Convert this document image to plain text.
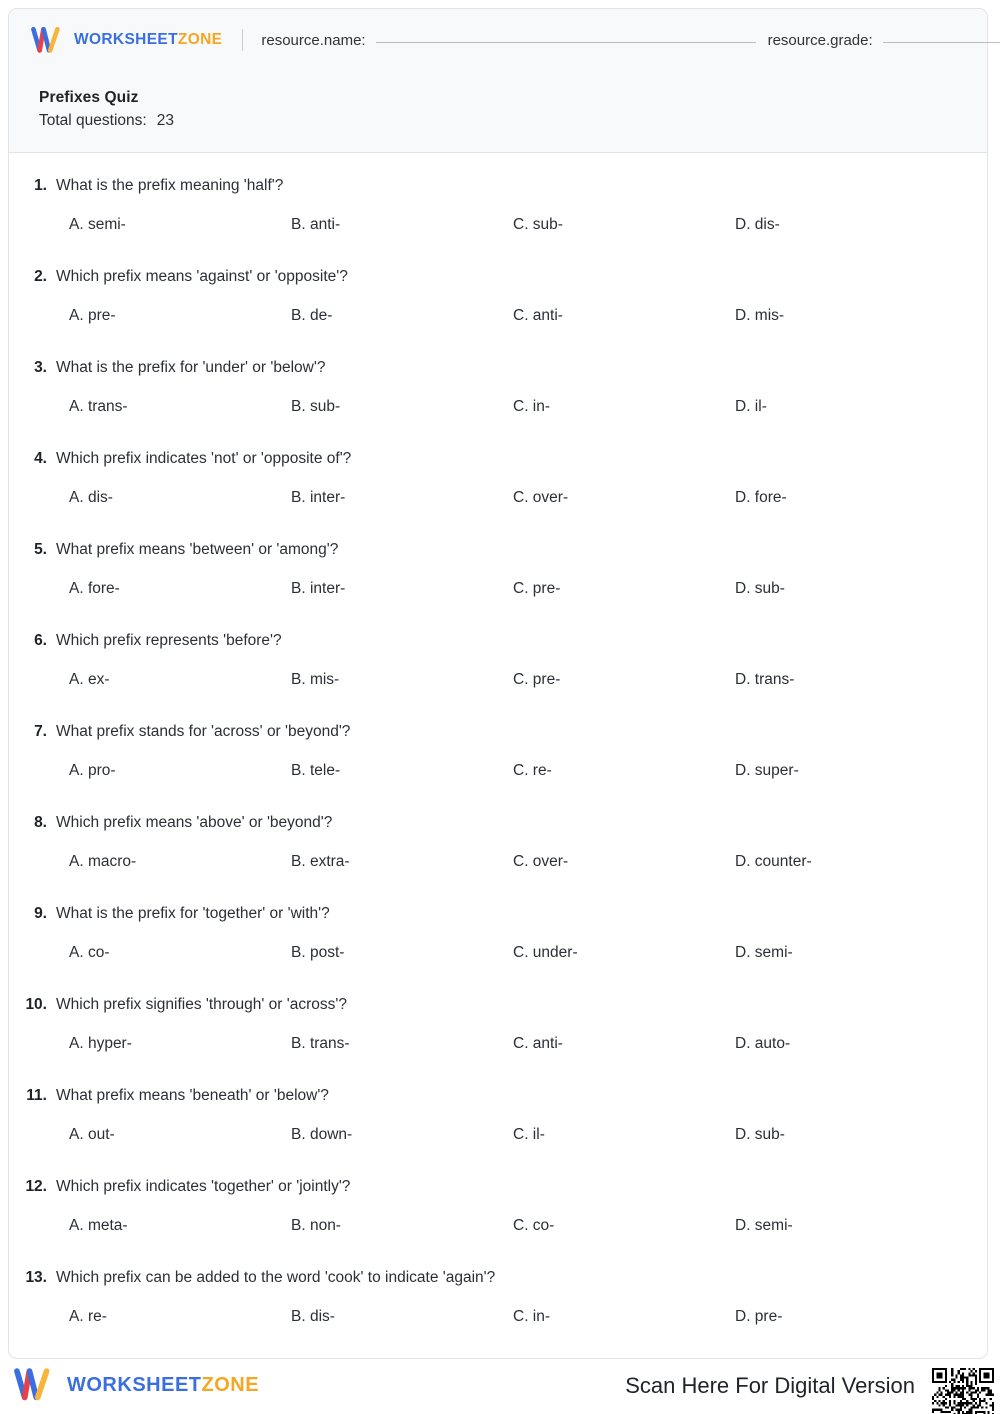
WORKSHEETZONE	resource.name:	resource.grade:
Prefixes Quiz
Total questions: 23
1. What is the prefix meaning 'half'?
A. semi-	B. anti-	C. sub-	D. dis-
2. Which prefix means 'against' or 'opposite'?
A. pre-	B. de-	C. anti-	D. mis-
3. What is the prefix for 'under' or 'below'?
A. trans-	B. sub-	C. in-	D. il-
4. Which prefix indicates 'not' or 'opposite of'?
A. dis-	B. inter-	C. over-	D. fore-
5. What prefix means 'between' or 'among'?
A. fore-	B. inter-	C. pre-	D. sub-
6. Which prefix represents 'before'?
A. ex-	B. mis-	C. pre-	D. trans-
7. What prefix stands for 'across' or 'beyond'?
A. pro-	B. tele-	C. re-	D. super-
8. Which prefix means 'above' or 'beyond'?
A. macro-	B. extra-	C. over-	D. counter-
9. What is the prefix for 'together' or 'with'?
A. co-	B. post-	C. under-	D. semi-
10. Which prefix signifies 'through' or 'across'?
A. hyper-	B. trans-	C. anti-	D. auto-
11. What prefix means 'beneath' or 'below'?
A. out-	B. down-	C. il-	D. sub-
12. Which prefix indicates 'together' or 'jointly'?
A. meta-	B. non-	C. co-	D. semi-
13. Which prefix can be added to the word 'cook' to indicate 'again'?
A. re-	B. dis-	C. in-	D. pre-
WORKSHEETZONE	Scan Here For Digital Version
